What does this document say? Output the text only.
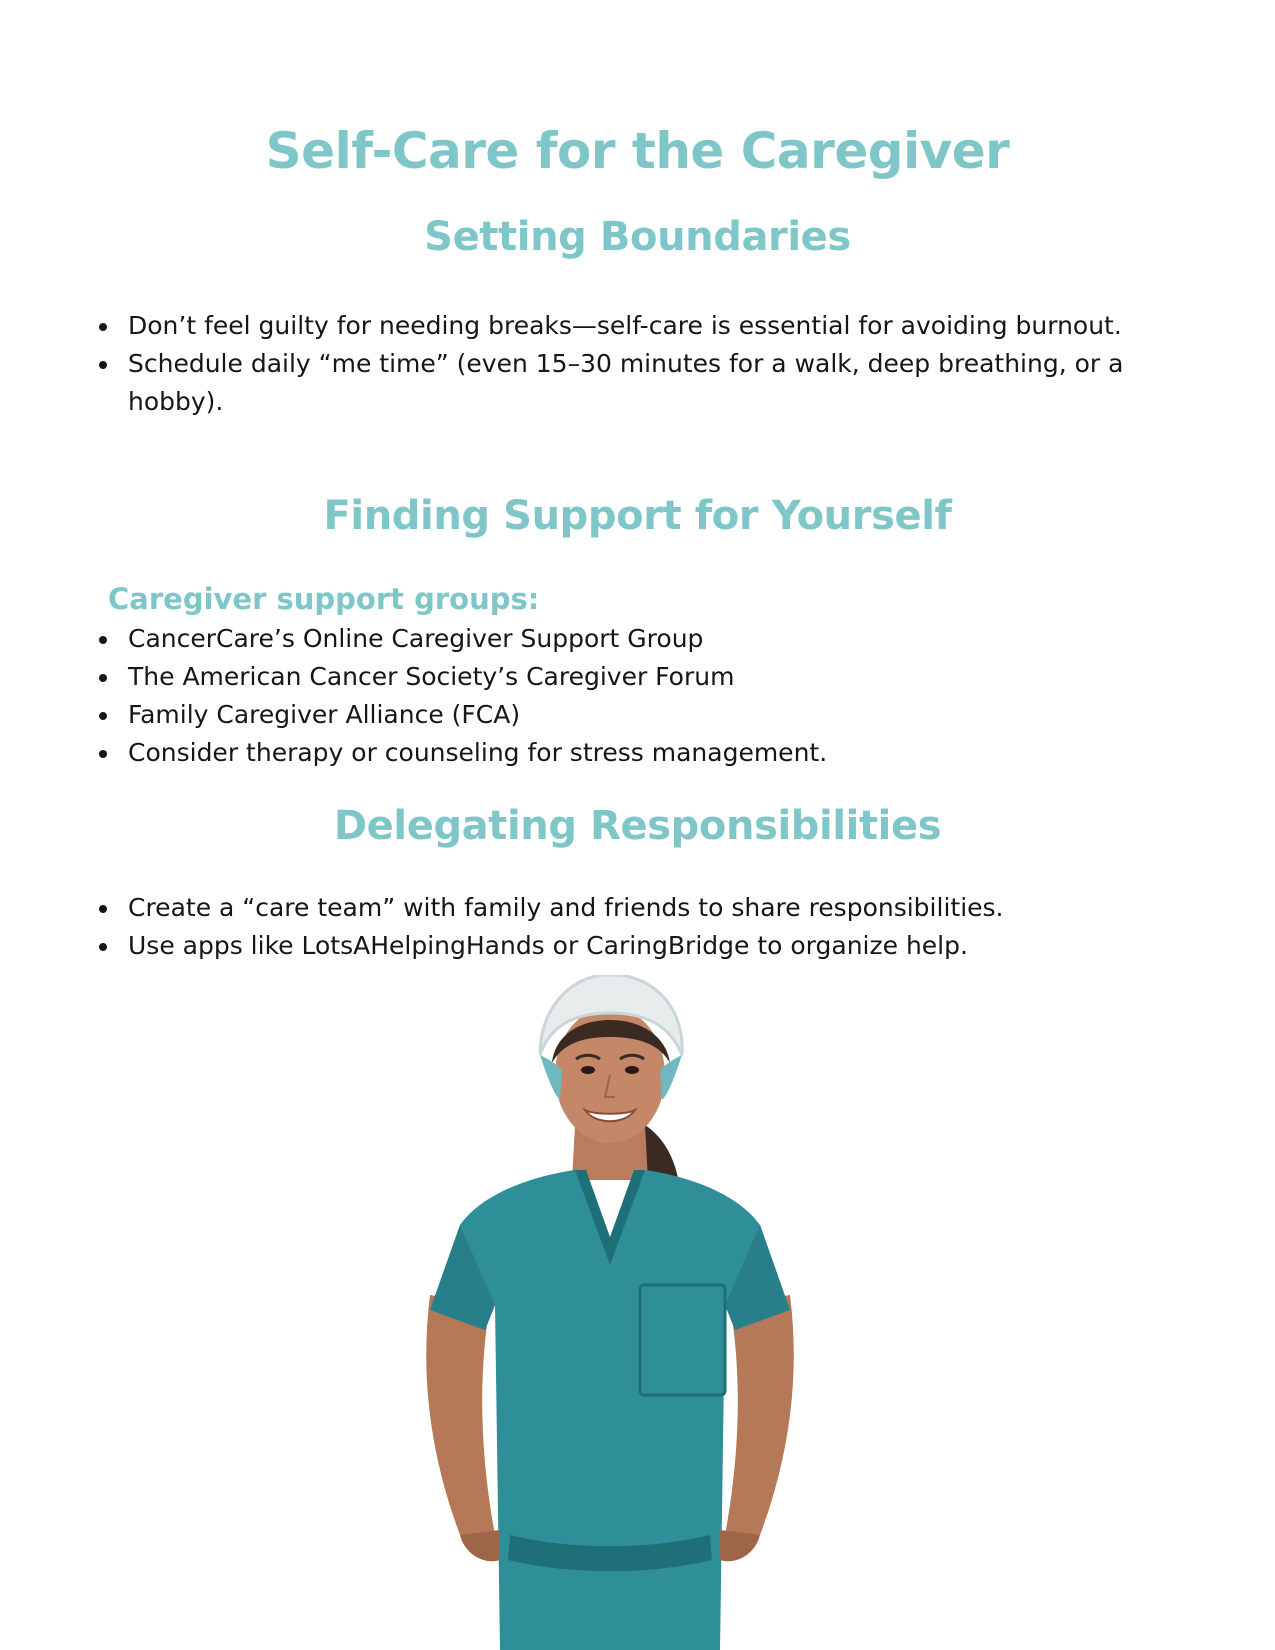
Self-Care for the Caregiver
Setting Boundaries
Don’t feel guilty for needing breaks—self-care is essential for avoiding burnout.
Schedule daily “me time” (even 15–30 minutes for a walk, deep breathing, or a hobby).
Finding Support for Yourself
Caregiver support groups:
CancerCare’s Online Caregiver Support Group
The American Cancer Society’s Caregiver Forum
Family Caregiver Alliance (FCA)
Consider therapy or counseling for stress management.
Delegating Responsibilities
Create a “care team” with family and friends to share responsibilities.
Use apps like LotsAHelpingHands or CaringBridge to organize help.
